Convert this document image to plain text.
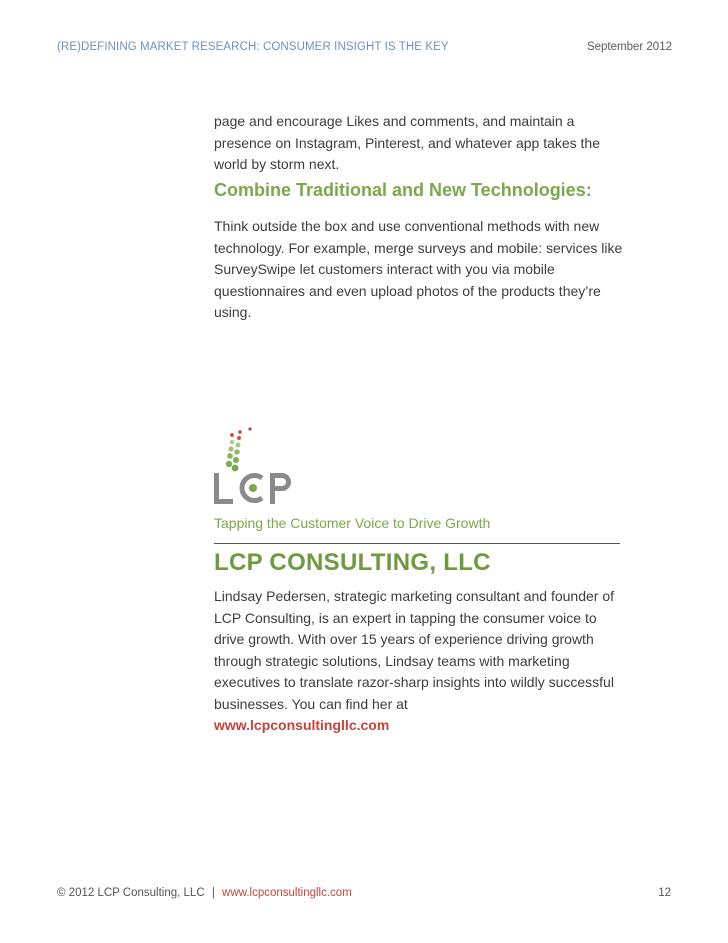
(RE)DEFINING MARKET RESEARCH: CONSUMER INSIGHT IS THE KEY	September 2012

page and encourage Likes and comments, and maintain a presence on Instagram, Pinterest, and whatever app takes the world by storm next.

Combine Traditional and New Technologies:

Think outside the box and use conventional methods with new technology. For example, merge surveys and mobile: services like SurveySwipe let customers interact with you via mobile questionnaires and even upload photos of the products they’re using.

Tapping the Customer Voice to Drive Growth
LCP CONSULTING, LLC

Lindsay Pedersen, strategic marketing consultant and founder of LCP Consulting, is an expert in tapping the consumer voice to drive growth. With over 15 years of experience driving growth through strategic solutions, Lindsay teams with marketing executives to translate razor-sharp insights into wildly successful businesses. You can find her at
www.lcpconsultingllc.com

© 2012 LCP Consulting, LLC | www.lcpconsultingllc.com	12
